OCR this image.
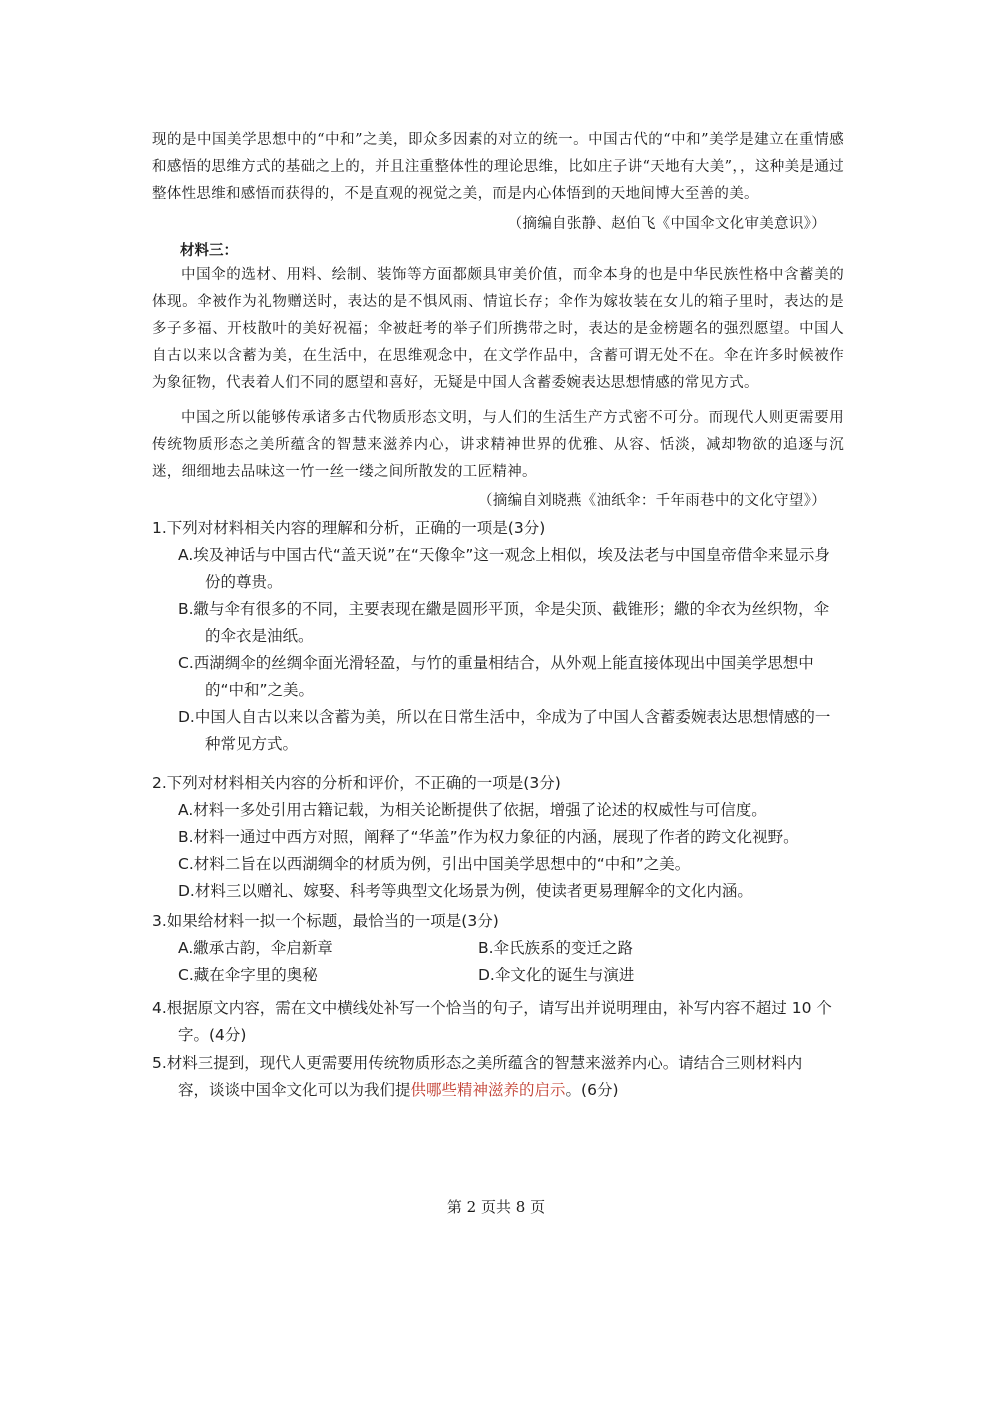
现的是中国美学思想中的“中和”之美，即众多因素的对立的统一。中国古代的“中和”美学是建立在重情感和感悟的思维方式的基础之上的，并且注重整体性的理论思维，比如庄子讲“天地有大美”，，这种美是通过整体性思维和感悟而获得的，不是直观的视觉之美，而是内心体悟到的天地间博大至善的美。
（摘编自张静、赵伯飞《中国伞文化审美意识》）
材料三：
中国伞的选材、用料、绘制、装饰等方面都颇具审美价值，而伞本身的也是中华民族性格中含蓄美的体现。伞被作为礼物赠送时，表达的是不惧风雨、情谊长存；伞作为嫁妆装在女儿的箱子里时，表达的是多子多福、开枝散叶的美好祝福；伞被赶考的举子们所携带之时，表达的是金榜题名的强烈愿望。中国人自古以来以含蓄为美，在生活中，在思维观念中，在文学作品中，含蓄可谓无处不在。伞在许多时候被作为象征物，代表着人们不同的愿望和喜好，无疑是中国人含蓄委婉表达思想情感的常见方式。
中国之所以能够传承诸多古代物质形态文明，与人们的生活生产方式密不可分。而现代人则更需要用传统物质形态之美所蕴含的智慧来滋养内心，讲求精神世界的优雅、从容、恬淡，减却物欲的追逐与沉迷，细细地去品味这一竹一丝一缕之间所散发的工匠精神。
（摘编自刘晓燕《油纸伞：千年雨巷中的文化守望》）
1.下列对材料相关内容的理解和分析，正确的一项是(3分)
A.埃及神话与中国古代“盖天说”在“天像伞”这一观念上相似，埃及法老与中国皇帝借伞来显示身份的尊贵。
B.繖与伞有很多的不同，主要表现在繖是圆形平顶，伞是尖顶、截锥形；繖的伞衣为丝织物，伞的伞衣是油纸。
C.西湖绸伞的丝绸伞面光滑轻盈，与竹的重量相结合，从外观上能直接体现出中国美学思想中的“中和”之美。
D.中国人自古以来以含蓄为美，所以在日常生活中，伞成为了中国人含蓄委婉表达思想情感的一种常见方式。
2.下列对材料相关内容的分析和评价，不正确的一项是(3分)
A.材料一多处引用古籍记载，为相关论断提供了依据，增强了论述的权威性与可信度。
B.材料一通过中西方对照，阐释了“华盖”作为权力象征的内涵，展现了作者的跨文化视野。
C.材料二旨在以西湖绸伞的材质为例，引出中国美学思想中的“中和”之美。
D.材料三以赠礼、嫁娶、科考等典型文化场景为例，使读者更易理解伞的文化内涵。
3.如果给材料一拟一个标题，最恰当的一项是(3分)
A.繖承古韵，伞启新章	B.伞氏族系的变迁之路
C.藏在伞字里的奥秘	D.伞文化的诞生与演进
4.根据原文内容，需在文中横线处补写一个恰当的句子，请写出并说明理由，补写内容不超过 10 个
字。(4分)
5.材料三提到，现代人更需要用传统物质形态之美所蕴含的智慧来滋养内心。请结合三则材料内
容，谈谈中国伞文化可以为我们提供哪些精神滋养的启示。(6分)
第 2 页共 8 页
